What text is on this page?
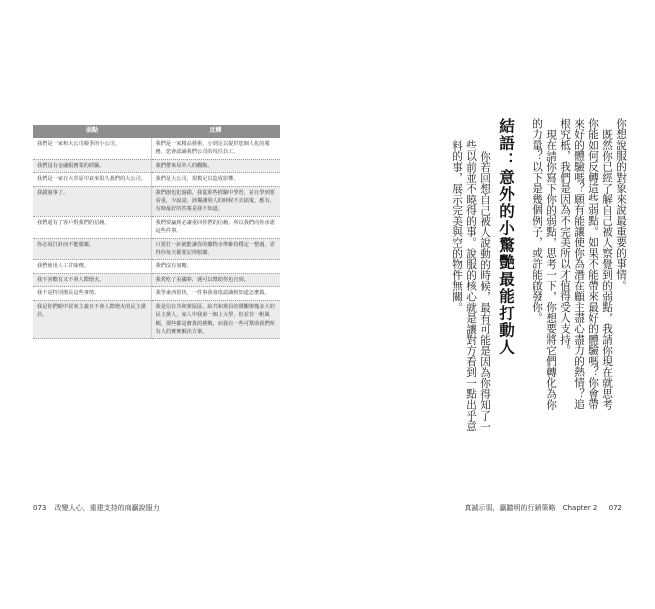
弱點	反轉
我們是一家和大公司競爭的小公司。	我們是一家精品藝術，小到足以提供您個人化的服務，您會認識我們公司的每位員工。
我們沒有金融服務業的經驗。	我們帶來局外人的觀點。
我們是一家在大草原中衰來很久我們的大公司。	我們是大公司，規模足以造成影響。
我錯過事了。	我們創也犯過錯，我從那些經驗中學習，並且學到要看重，少說話，該獨讓別人的時候不去搞鬼，應有，有時最好的答案是我不知道。
我們還有了客戶對我們的信賴。	我們要贏到必讓重回你們的信賴，所以我們向你承諾這些件事。
你必須打針而不能服藥。	只要打一針就能讓你的藥物水準維持穩定一整週，省得你每天都要記得服藥。
我們使用人工甘味劑。	我們沒有加糖。
我不喜歡有又不會人際燈火。	我愛吃了美國夢，遇可以幫助你也自到。
我不是特別擅長這些事情。	我學東西很快，一件事我會很認識較知道怎麼做。
我是你們眼中買來主義且不會人際燈火的民主黨員。	我是信在共和黨區區，給共和黨員的價觀撩幾多大的民主黨人，家人中我第一個上大學，但並非一帆風順，那些都是寶貴的挑戰，而我有一些可幫助我們所有人的實實解決方案。
073 改變人心，重建支持的商贏說服力

你想說服的對象來說最重要的事情。

既然你已經了解自己被人察覺到的弱點，我請你現在就思考你能如何反轉這些弱點。如果不能帶來最好的體驗嗎？你會帶來好的體驗嗎？願有能讓使你為潛在顧主盡心盡力的熱情？追根究柢，我們是因為不完美所以才值得受人支持。

現在請你寫下你的弱點，思考一下，你想要將它們轉化為你的力量？以下是幾個例子，或許能啟發你。

結語：意外的小驚艷最能打動人

你若回想自己被人說動的時候，最有可能是因為你得知了一些以前並不曉得的事。說服的核心就是讓對方看到一點出乎意料的事，展示完美與空的物件無關。

真誠示弱，贏聽明的行銷策略 Chapter 2 072
